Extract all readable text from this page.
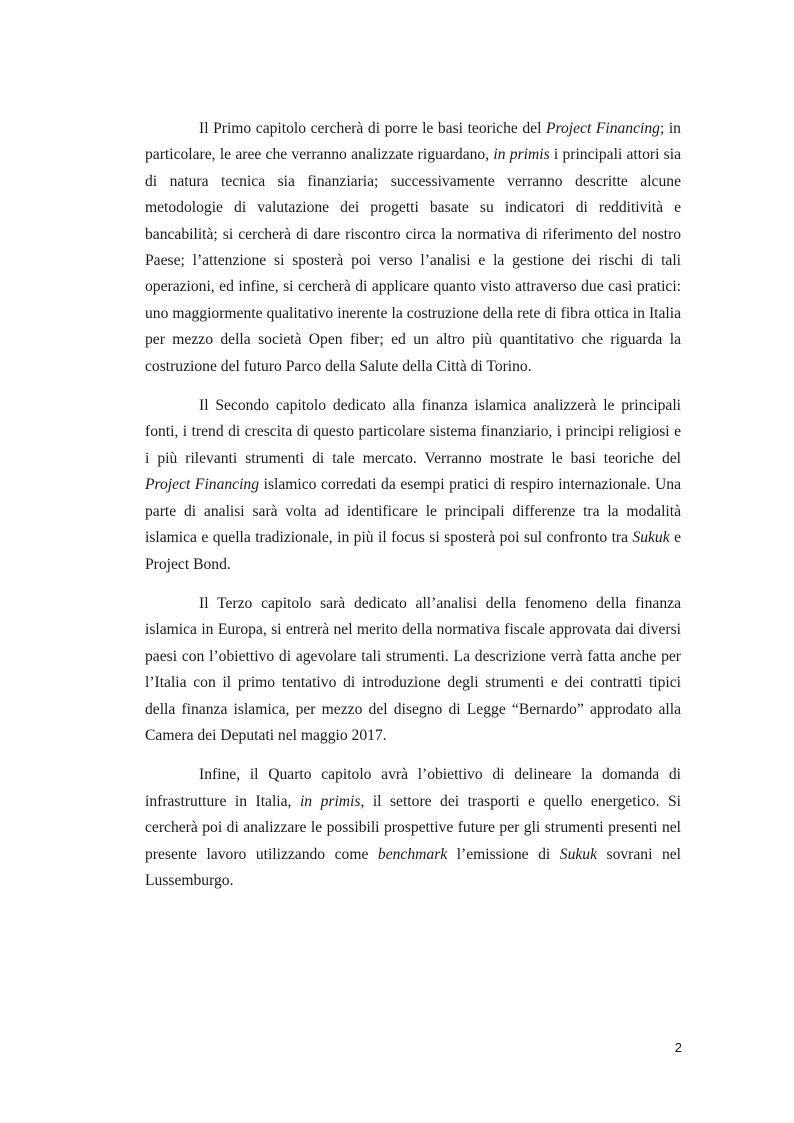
Il Primo capitolo cercherà di porre le basi teoriche del Project Financing; in particolare, le aree che verranno analizzate riguardano, in primis i principali attori sia di natura tecnica sia finanziaria; successivamente verranno descritte alcune metodologie di valutazione dei progetti basate su indicatori di redditività e bancabilità; si cercherà di dare riscontro circa la normativa di riferimento del nostro Paese; l’attenzione si sposterà poi verso l’analisi e la gestione dei rischi di tali operazioni, ed infine, si cercherà di applicare quanto visto attraverso due casi pratici: uno maggiormente qualitativo inerente la costruzione della rete di fibra ottica in Italia per mezzo della società Open fiber; ed un altro più quantitativo che riguarda la costruzione del futuro Parco della Salute della Città di Torino.

Il Secondo capitolo dedicato alla finanza islamica analizzerà le principali fonti, i trend di crescita di questo particolare sistema finanziario, i principi religiosi e i più rilevanti strumenti di tale mercato. Verranno mostrate le basi teoriche del Project Financing islamico corredati da esempi pratici di respiro internazionale. Una parte di analisi sarà volta ad identificare le principali differenze tra la modalità islamica e quella tradizionale, in più il focus si sposterà poi sul confronto tra Sukuk e Project Bond.

Il Terzo capitolo sarà dedicato all’analisi della fenomeno della finanza islamica in Europa, si entrerà nel merito della normativa fiscale approvata dai diversi paesi con l’obiettivo di agevolare tali strumenti. La descrizione verrà fatta anche per l’Italia con il primo tentativo di introduzione degli strumenti e dei contratti tipici della finanza islamica, per mezzo del disegno di Legge “Bernardo” approdato alla Camera dei Deputati nel maggio 2017.

Infine, il Quarto capitolo avrà l’obiettivo di delineare la domanda di infrastrutture in Italia, in primis, il settore dei trasporti e quello energetico. Si cercherà poi di analizzare le possibili prospettive future per gli strumenti presenti nel presente lavoro utilizzando come benchmark l’emissione di Sukuk sovrani nel Lussemburgo.

2
